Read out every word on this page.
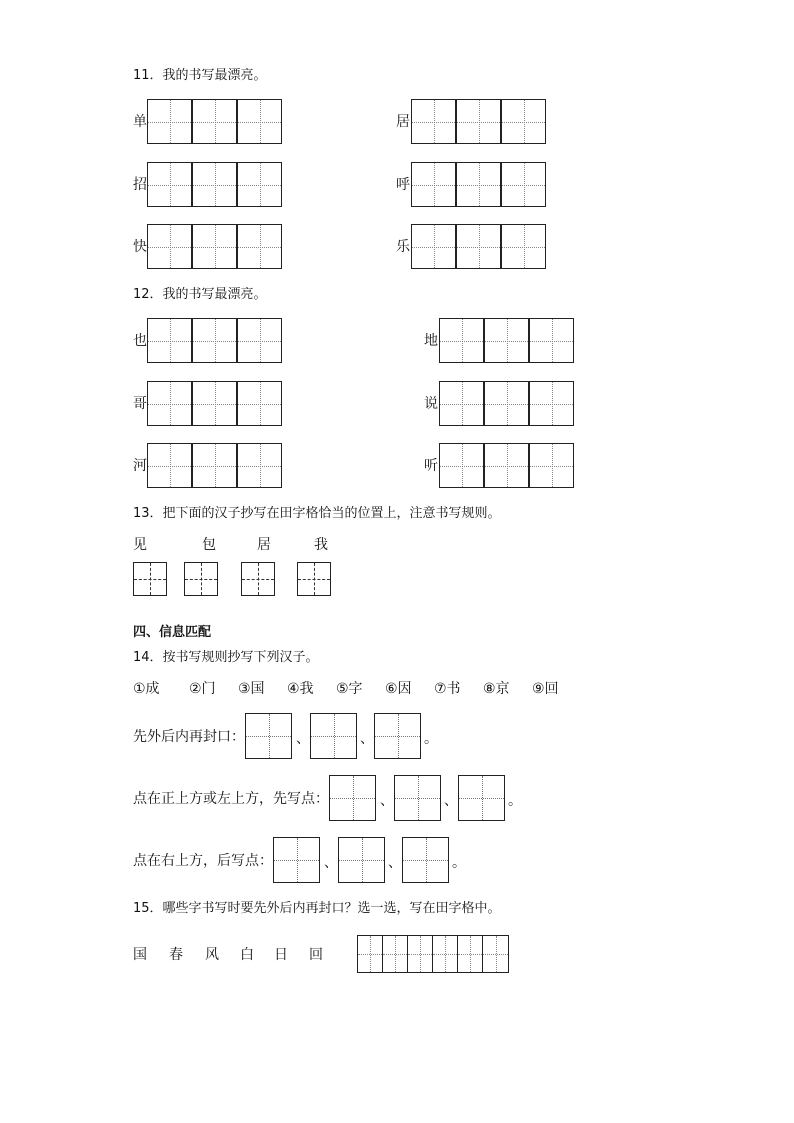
11．我的书写最漂亮。
单	居
招	呼
快	乐
12．我的书写最漂亮。
也	地
哥	说
河	听
13．把下面的汉子抄写在田字格恰当的位置上，注意书写规则。
见	包	居	我
四、信息匹配
14．按书写规则抄写下列汉子。
①成 ②门 ③国 ④我 ⑤字 ⑥因 ⑦书 ⑧京 ⑨回
先外后内再封口：	、	、	。
点在正上方或左上方，先写点：	、	、	。
点在右上方，后写点：	、	、	。
15．哪些字书写时要先外后内再封口？选一选，写在田字格中。
国 春 风 白 日 回
